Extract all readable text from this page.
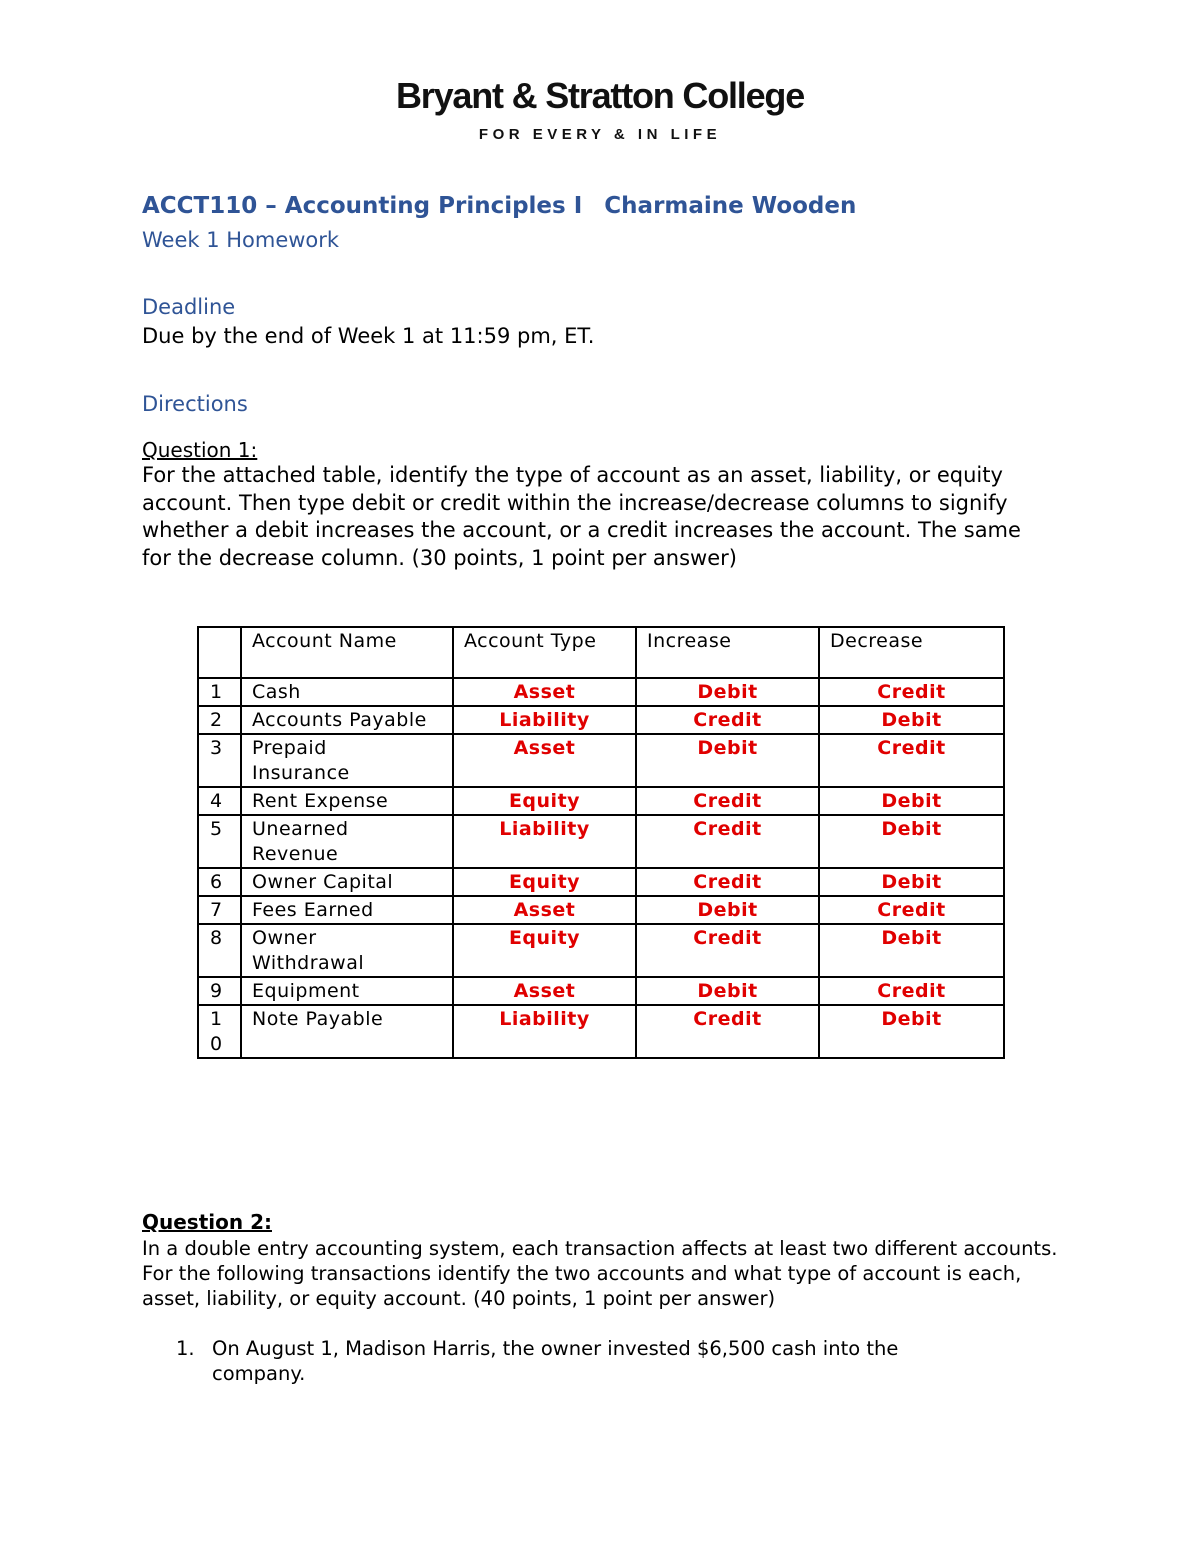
Bryant & Stratton College
FOR EVERY & IN LIFE
ACCT110 – Accounting Principles I Charmaine Wooden
Week 1 Homework
Deadline
Due by the end of Week 1 at 11:59 pm, ET.
Directions
Question 1:
For the attached table, identify the type of account as an asset, liability, or equity account. Then type debit or credit within the increase/decrease columns to signify whether a debit increases the account, or a credit increases the account. The same for the decrease column. (30 points, 1 point per answer)
	Account Name	Account Type	Increase	Decrease
1	Cash	Asset	Debit	Credit
2	Accounts Payable	Liability	Credit	Debit
3	Prepaid Insurance	Asset	Debit	Credit
4	Rent Expense	Equity	Credit	Debit
5	Unearned Revenue	Liability	Credit	Debit
6	Owner Capital	Equity	Credit	Debit
7	Fees Earned	Asset	Debit	Credit
8	Owner Withdrawal	Equity	Credit	Debit
9	Equipment	Asset	Debit	Credit
10	Note Payable	Liability	Credit	Debit
Question 2:
In a double entry accounting system, each transaction affects at least two different accounts. For the following transactions identify the two accounts and what type of account is each, asset, liability, or equity account. (40 points, 1 point per answer)
1. On August 1, Madison Harris, the owner invested $6,500 cash into the company.
